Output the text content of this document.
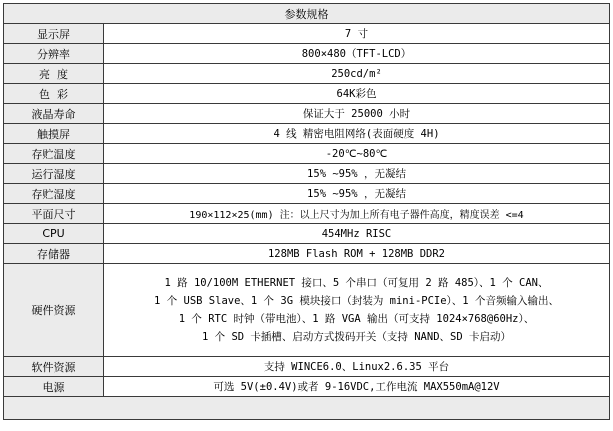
参数规格	
显示屏	7 寸
分辨率	800×480（TFT-LCD）
亮  度	250cd/m²
色  彩	64K彩色
液晶寿命	保证大于 25000 小时
触摸屏	4 线 精密电阻网络(表面硬度 4H)
存贮温度	-20℃~80℃
运行湿度	15% ~95% ，无凝结
存贮湿度	15% ~95% ，无凝结
平面尺寸	190×112×25(mm) 注：以上尺寸为加上所有电子器件高度，精度误差 <=4
CPU	454MHz RISC
存储器	128MB Flash ROM + 128MB DDR2
硬件资源	1 路 10/100M ETHERNET 接口、5 个串口（可复用 2 路 485）、1 个 CAN、
1 个 USB Slave、1 个 3G 模块接口（封装为 mini-PCIe）、1 个音频输入输出、
1 个 RTC 时钟（带电池）、1 路 VGA 输出（可支持 1024×768@60Hz）、
1 个 SD 卡插槽、启动方式拨码开关（支持 NAND、SD 卡启动）

软件资源	支持 WINCE6.0、Linux2.6.35 平台
电源	可选 5V(±0.4V)或者 9-16VDC,工作电流 MAX550mA@12V
